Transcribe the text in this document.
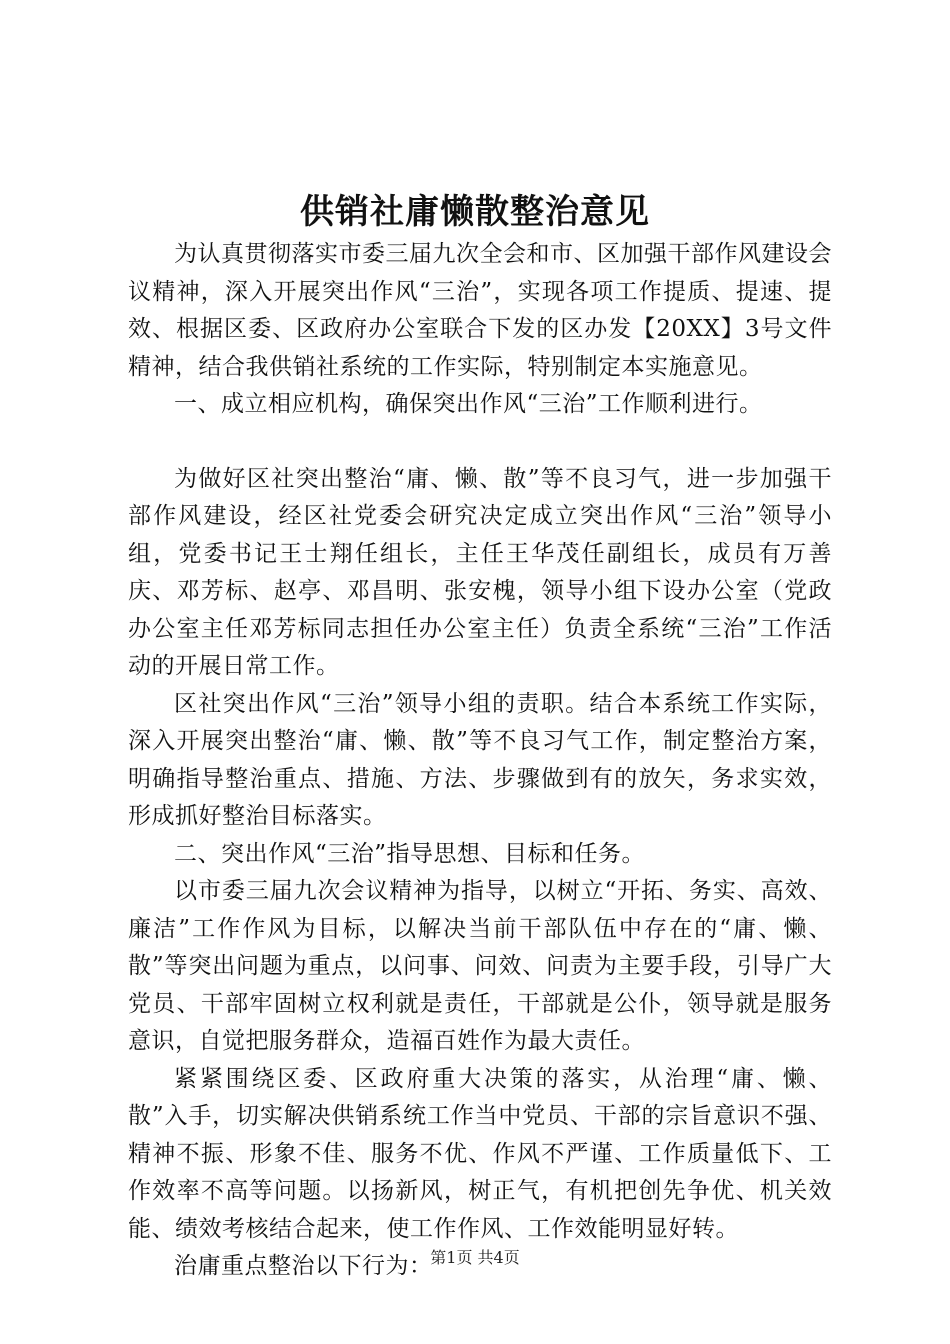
供销社庸懒散整治意见

为认真贯彻落实市委三届九次全会和市、区加强干部作风建设会议精神，深入开展突出作风“三治”，实现各项工作提质、提速、提效、根据区委、区政府办公室联合下发的区办发【20XX】3号文件精神，结合我供销社系统的工作实际，特别制定本实施意见。

一、成立相应机构，确保突出作风“三治”工作顺利进行。

为做好区社突出整治“庸、懒、散”等不良习气，进一步加强干部作风建设，经区社党委会研究决定成立突出作风“三治”领导小组，党委书记王士翔任组长，主任王华茂任副组长，成员有万善庆、邓芳标、赵亭、邓昌明、张安槐，领导小组下设办公室（党政办公室主任邓芳标同志担任办公室主任）负责全系统“三治”工作活动的开展日常工作。

区社突出作风“三治”领导小组的责职。结合本系统工作实际，深入开展突出整治“庸、懒、散”等不良习气工作，制定整治方案，明确指导整治重点、措施、方法、步骤做到有的放矢，务求实效，形成抓好整治目标落实。

二、突出作风“三治”指导思想、目标和任务。

以市委三届九次会议精神为指导，以树立“开拓、务实、高效、廉洁”工作作风为目标，以解决当前干部队伍中存在的“庸、懒、散”等突出问题为重点，以问事、问效、问责为主要手段，引导广大党员、干部牢固树立权利就是责任，干部就是公仆，领导就是服务意识，自觉把服务群众，造福百姓作为最大责任。

紧紧围绕区委、区政府重大决策的落实，从治理“庸、懒、散”入手，切实解决供销系统工作当中党员、干部的宗旨意识不强、精神不振、形象不佳、服务不优、作风不严谨、工作质量低下、工作效率不高等问题。以扬新风，树正气，有机把创先争优、机关效能、绩效考核结合起来，使工作作风、工作效能明显好转。

治庸重点整治以下行为：

第1页 共4页
